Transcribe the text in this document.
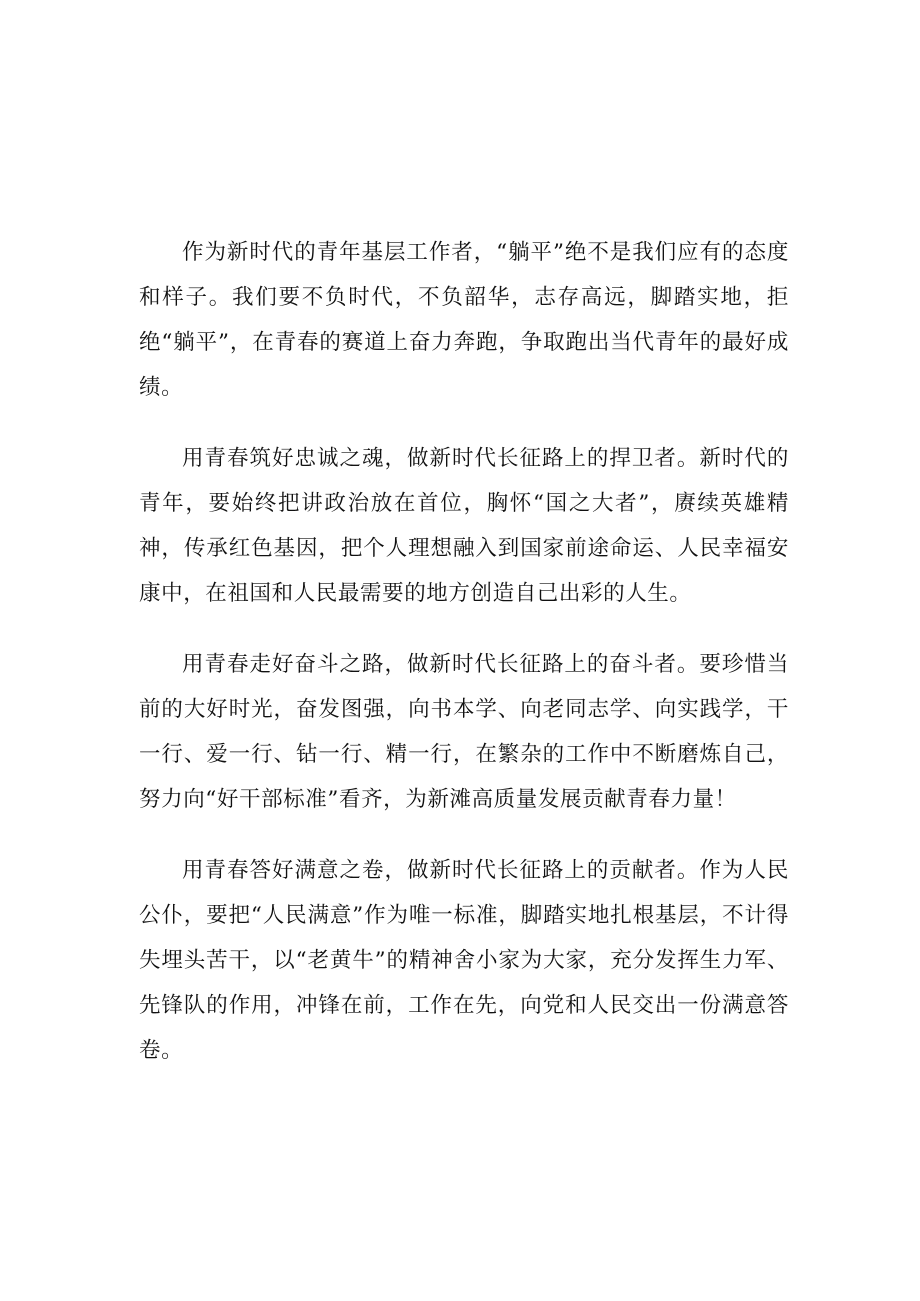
作为新时代的青年基层工作者，“躺平”绝不是我们应有的态度和样子。我们要不负时代，不负韶华，志存高远，脚踏实地，拒绝“躺平”，在青春的赛道上奋力奔跑，争取跑出当代青年的最好成绩。

用青春筑好忠诚之魂，做新时代长征路上的捍卫者。新时代的青年，要始终把讲政治放在首位，胸怀“国之大者”，赓续英雄精神，传承红色基因，把个人理想融入到国家前途命运、人民幸福安康中，在祖国和人民最需要的地方创造自己出彩的人生。

用青春走好奋斗之路，做新时代长征路上的奋斗者。要珍惜当前的大好时光，奋发图强，向书本学、向老同志学、向实践学，干一行、爱一行、钻一行、精一行，在繁杂的工作中不断磨炼自己，努力向“好干部标准”看齐，为新滩高质量发展贡献青春力量！

用青春答好满意之卷，做新时代长征路上的贡献者。作为人民公仆，要把“人民满意”作为唯一标准，脚踏实地扎根基层，不计得失埋头苦干，以“老黄牛”的精神舍小家为大家，充分发挥生力军、先锋队的作用，冲锋在前，工作在先，向党和人民交出一份满意答卷。
